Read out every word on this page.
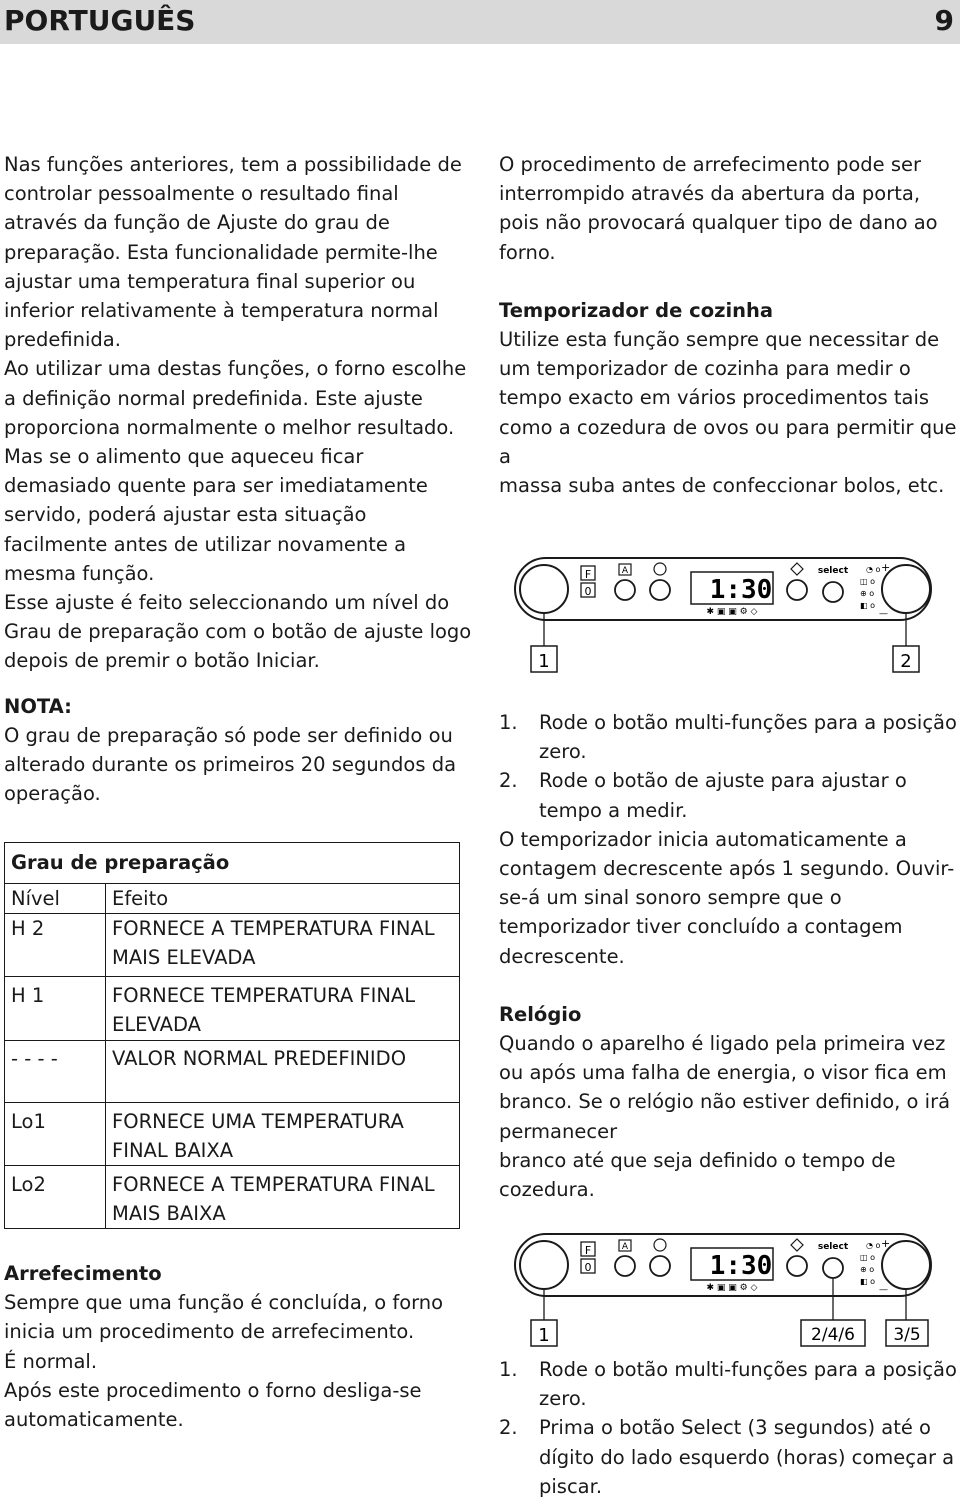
PORTUGUÊS	9

Nas funções anteriores, tem a possibilidade de controlar pessoalmente o resultado final através da função de Ajuste do grau de preparação. Esta funcionalidade permite-lhe ajustar uma temperatura final superior ou inferior relativamente à temperatura normal predefinida.

Ao utilizar uma destas funções, o forno escolhe a definição normal predefinida. Este ajuste proporciona normalmente o melhor resultado. Mas se o alimento que aqueceu ficar demasiado quente para ser imediatamente servido, poderá ajustar esta situação facilmente antes de utilizar novamente a mesma função.

Esse ajuste é feito seleccionando um nível do Grau de preparação com o botão de ajuste logo depois de premir o botão Iniciar.

NOTA:

O grau de preparação só pode ser definido ou alterado durante os primeiros 20 segundos da operação.

Grau de preparação	
Nível	Efeito
H 2	FORNECE A TEMPERATURA FINAL MAIS ELEVADA
H 1	FORNECE TEMPERATURA FINAL ELEVADA
- - - -	VALOR NORMAL PREDEFINIDO
Lo1	FORNECE UMA TEMPERATURA FINAL BAIXA
Lo2	FORNECE A TEMPERATURA FINAL MAIS BAIXA

Arrefecimento

Sempre que uma função é concluída, o forno inicia um procedimento de arrefecimento.

É normal.

Após este procedimento o forno desliga-se automaticamente.

O procedimento de arrefecimento pode ser interrompido através da abertura da porta, pois não provocará qualquer tipo de dano ao forno.

Temporizador de cozinha

Utilize esta função sempre que necessitar de um temporizador de cozinha para medir o tempo exacto em vários procedimentos tais como a cozedura de ovos ou para permitir que a

massa suba antes de confeccionar bolos, etc.

F
0
A
1:30
✱ ▣ ▣ ⚙ ◇
select ◔ o
◫ o
⊕ o
◧ o
+
—
1	2
1. Rode o botão multi-funções para a posição zero.
2. Rode o botão de ajuste para ajustar o tempo a medir.

O temporizador inicia automaticamente a contagem decrescente após 1 segundo. Ouvir-se-á um sinal sonoro sempre que o temporizador tiver concluído a contagem decrescente.

Relógio

Quando o aparelho é ligado pela primeira vez ou após uma falha de energia, o visor fica em branco. Se o relógio não estiver definido, o irá permanecer

branco até que seja definido o tempo de cozedura.

F
0
A
1:30
✱ ▣ ▣ ⚙ ◇
select ◔ o
◫ o
⊕ o
◧ o
+
—
1	2/4/6 3/5
1. Rode o botão multi-funções para a posição zero.
2. Prima o botão Select (3 segundos) até o dígito do lado esquerdo (horas) começar a piscar.
